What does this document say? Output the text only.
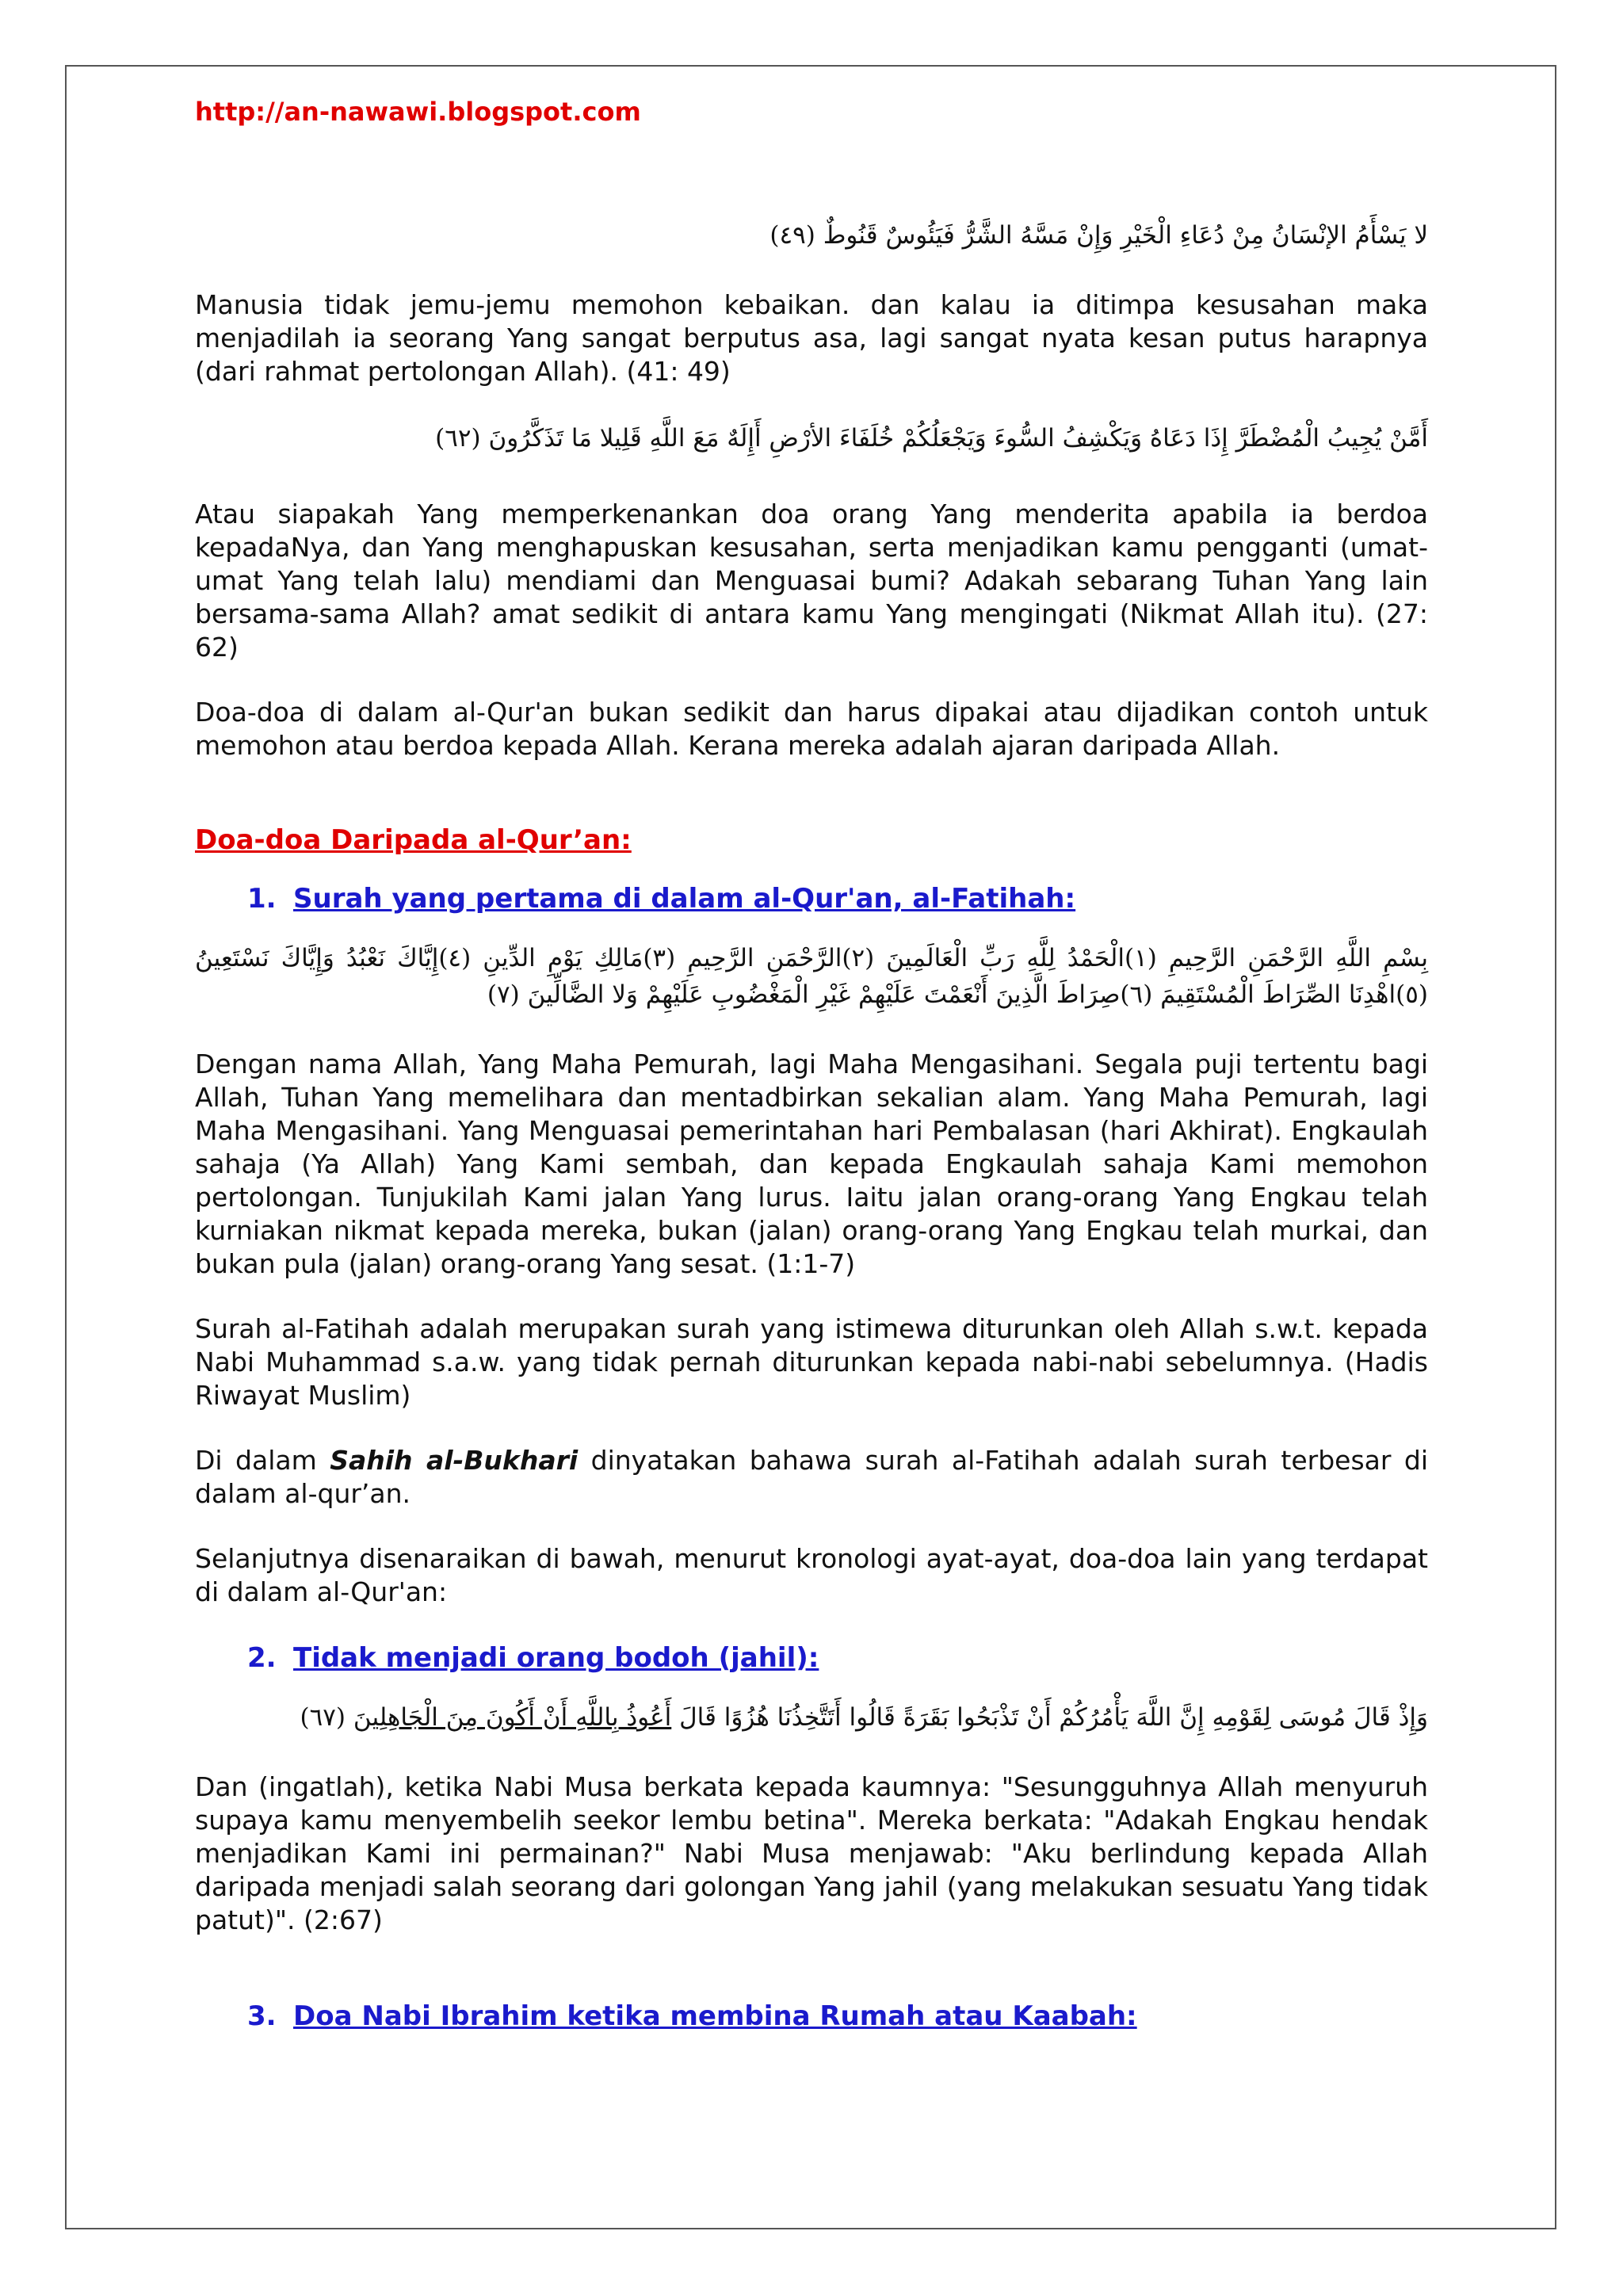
http://an-nawawi.blogspot.com
لا يَسْأَمُ الإنْسَانُ مِنْ دُعَاءِ الْخَيْرِ وَإِنْ مَسَّهُ الشَّرُّ فَيَئُوسٌ قَنُوطٌ (٤٩)
Manusia tidak jemu-jemu memohon kebaikan. dan kalau ia ditimpa kesusahan maka menjadilah ia seorang Yang sangat berputus asa, lagi sangat nyata kesan putus harapnya (dari rahmat pertolongan Allah). (41: 49)
أَمَّنْ يُجِيبُ الْمُضْطَرَّ إِذَا دَعَاهُ وَيَكْشِفُ السُّوءَ وَيَجْعَلُكُمْ خُلَفَاءَ الأرْضِ أَإِلَهٌ مَعَ اللَّهِ قَلِيلا مَا تَذَكَّرُونَ (٦٢)
Atau siapakah Yang memperkenankan doa orang Yang menderita apabila ia berdoa kepadaNya, dan Yang menghapuskan kesusahan, serta menjadikan kamu pengganti (umat-umat Yang telah lalu) mendiami dan Menguasai bumi? Adakah sebarang Tuhan Yang lain bersama-sama Allah? amat sedikit di antara kamu Yang mengingati (Nikmat Allah itu). (27: 62)
Doa-doa di dalam al-Qur'an bukan sedikit dan harus dipakai atau dijadikan contoh untuk memohon atau berdoa kepada Allah. Kerana mereka adalah ajaran daripada Allah.
Doa-doa Daripada al-Qur’an:
1. Surah yang pertama di dalam al-Qur'an, al-Fatihah:
بِسْمِ اللَّهِ الرَّحْمَنِ الرَّحِيمِ (١)الْحَمْدُ لِلَّهِ رَبِّ الْعَالَمِينَ (٢)الرَّحْمَنِ الرَّحِيمِ (٣)مَالِكِ يَوْمِ الدِّينِ (٤)إِيَّاكَ نَعْبُدُ وَإِيَّاكَ نَسْتَعِينُ (٥)اهْدِنَا الصِّرَاطَ الْمُسْتَقِيمَ (٦)صِرَاطَ الَّذِينَ أَنْعَمْتَ عَلَيْهِمْ غَيْرِ الْمَغْضُوبِ عَلَيْهِمْ وَلا الضَّالِّينَ (٧)
Dengan nama Allah, Yang Maha Pemurah, lagi Maha Mengasihani. Segala puji tertentu bagi Allah, Tuhan Yang memelihara dan mentadbirkan sekalian alam. Yang Maha Pemurah, lagi Maha Mengasihani. Yang Menguasai pemerintahan hari Pembalasan (hari Akhirat). Engkaulah sahaja (Ya Allah) Yang Kami sembah, dan kepada Engkaulah sahaja Kami memohon pertolongan. Tunjukilah Kami jalan Yang lurus. Iaitu jalan orang-orang Yang Engkau telah kurniakan nikmat kepada mereka, bukan (jalan) orang-orang Yang Engkau telah murkai, dan bukan pula (jalan) orang-orang Yang sesat. (1:1-7)
Surah al-Fatihah adalah merupakan surah yang istimewa diturunkan oleh Allah s.w.t. kepada Nabi Muhammad s.a.w. yang tidak pernah diturunkan kepada nabi-nabi sebelumnya. (Hadis Riwayat Muslim)
Di dalam Sahih al-Bukhari dinyatakan bahawa surah al-Fatihah adalah surah terbesar di dalam al-qur’an.
Selanjutnya disenaraikan di bawah, menurut kronologi ayat-ayat, doa-doa lain yang terdapat di dalam al-Qur'an:
2. Tidak menjadi orang bodoh (jahil):
وَإِذْ قَالَ مُوسَى لِقَوْمِهِ إِنَّ اللَّهَ يَأْمُرُكُمْ أَنْ تَذْبَحُوا بَقَرَةً قَالُوا أَتَتَّخِذُنَا هُزُوًا قَالَ أَعُوذُ بِاللَّهِ أَنْ أَكُونَ مِنَ الْجَاهِلِينَ (٦٧)
Dan (ingatlah), ketika Nabi Musa berkata kepada kaumnya: "Sesungguhnya Allah menyuruh supaya kamu menyembelih seekor lembu betina". Mereka berkata: "Adakah Engkau hendak menjadikan Kami ini permainan?" Nabi Musa menjawab: "Aku berlindung kepada Allah daripada menjadi salah seorang dari golongan Yang jahil (yang melakukan sesuatu Yang tidak patut)". (2:67)
3. Doa Nabi Ibrahim ketika membina Rumah atau Kaabah:
